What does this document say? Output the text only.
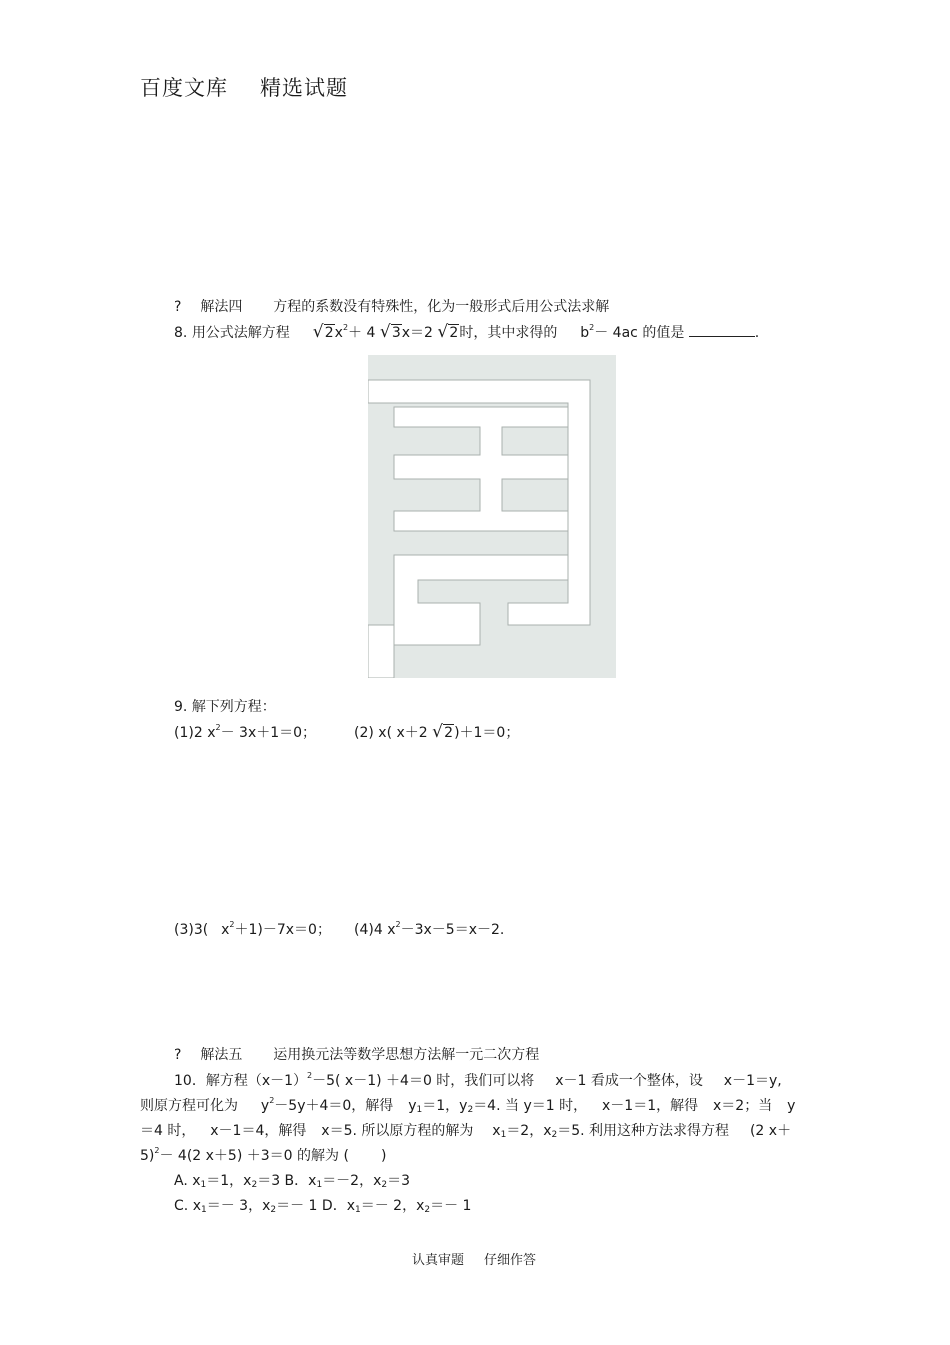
百度文库 精选试题
? 解法四 方程的系数没有特殊性，化为一般形式后用公式法求解
8. 用公式法解方程 √ $2x^2+ 4$ √ 3x＝2 √ 2时，其中求得的 $b^2- 4ac$ 的值是	.
9. 解下列方程：
(1)2 $x^2- 3x+1=0$；	(2) x( x＋2 √ 2)＋1＝0；
(3)3( $x^2+1)-7x=0$； (4)4 $x^2-3x-5=x-2$.
? 解法五 运用换元法等数学思想方法解一元二次方程
10．解方程$(x-1)^2-5$( x－1) ＋4＝0 时，我们可以将 x－1 看成一个整体，设 x－1＝y,
则原方程可化为 $y^2-5y+4=0$，解得 y1＝1，y2＝4. 当 y＝1 时， x－1＝1，解得 x＝2；当 y
＝4 时， x－1＝4，解得 x＝5. 所以原方程的解为 x1＝2，x2＝5. 利用这种方法求得方程 (2 x＋
5)$^2$－ 4(2 x＋5) ＋3＝0 的解为 ( )
A. x1＝1，x2＝3 B．x1＝－2，x2＝3
C. x1＝－ 3，x2＝－ 1 D．x1＝－ 2，x2＝－ 1
认真审题 仔细作答
